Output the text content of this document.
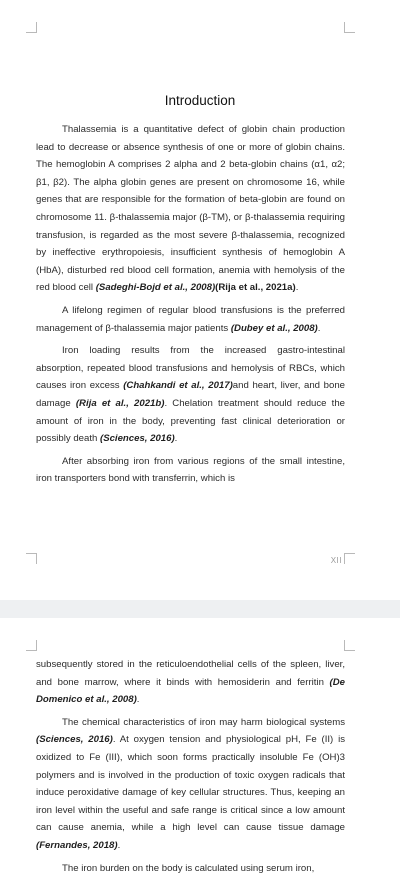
Introduction

Thalassemia is a quantitative defect of globin chain production lead to decrease or absence synthesis of one or more of globin chains. The hemoglobin A comprises 2 alpha and 2 beta-globin chains (α1, α2; β1, β2). The alpha globin genes are present on chromosome 16, while genes that are responsible for the formation of beta-globin are found on chromosome 11. β-thalassemia major (β-TM), or β-thalassemia requiring transfusion, is regarded as the most severe β-thalassemia, recognized by ineffective erythropoiesis, insufficient synthesis of hemoglobin A (HbA), disturbed red blood cell formation, anemia with hemolysis of the red blood cell (Sadeghi-Bojd et al., 2008)(Rija et al., 2021a).

A lifelong regimen of regular blood transfusions is the preferred management of β-thalassemia major patients (Dubey et al., 2008).

Iron loading results from the increased gastro-intestinal absorption, repeated blood transfusions and hemolysis of RBCs, which causes iron excess (Chahkandi et al., 2017)and heart, liver, and bone damage (Rija et al., 2021b). Chelation treatment should reduce the amount of iron in the body, preventing fast clinical deterioration or possibly death (Sciences, 2016).

After absorbing iron from various regions of the small intestine, iron transporters bond with transferrin, which is

XII

subsequently stored in the reticuloendothelial cells of the spleen, liver, and bone marrow, where it binds with hemosiderin and ferritin (De Domenico et al., 2008).

The chemical characteristics of iron may harm biological systems (Sciences, 2016). At oxygen tension and physiological pH, Fe (II) is oxidized to Fe (III), which soon forms practically insoluble Fe (OH)3 polymers and is involved in the production of toxic oxygen radicals that induce peroxidative damage of key cellular structures. Thus, keeping an iron level within the useful and safe range is critical since a low amount can cause anemia, while a high level can cause tissue damage (Fernandes, 2018).

The iron burden on the body is calculated using serum iron,
